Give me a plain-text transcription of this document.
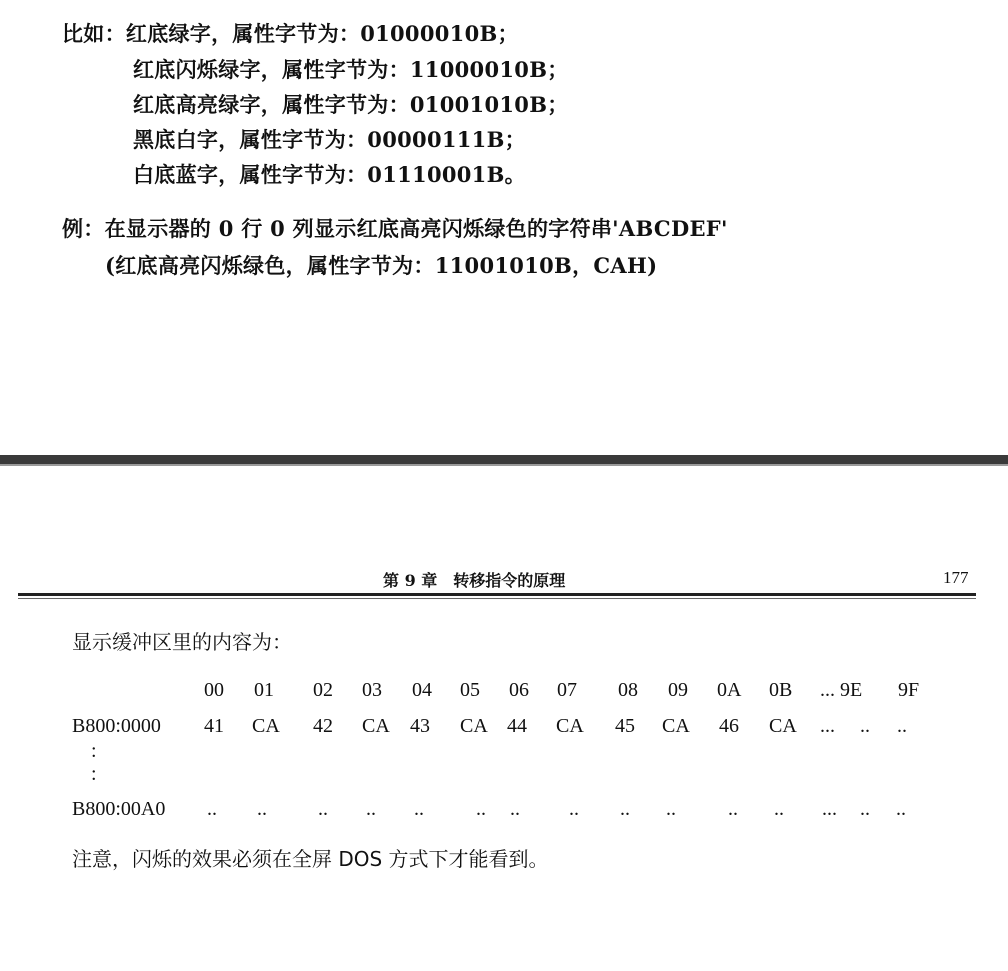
比如：红底绿字，属性字节为：01000010B；
红底闪烁绿字，属性字节为：11000010B；
红底高亮绿字，属性字节为：01001010B；
黑底白字，属性字节为：00000111B；
白底蓝字，属性字节为：01110001B。
例：在显示器的 0 行 0 列显示红底高亮闪烁绿色的字符串'ABCDEF'
(红底高亮闪烁绿色，属性字节为：11001010B，CAH)
第 9 章　转移指令的原理	177
显示缓冲区里的内容为：
00 01 02 03 04 05 06 07 08 09 0A 0B ... 9E 9F
B800:0000 41 CA 42 CA 43 CA 44 CA 45 CA 46 CA ... .. ..
:
:
B800:00A0 .. ..	.. .. ..	.. .. .. .. ..	.. .. ... .. ..
注意，闪烁的效果必须在全屏 DOS 方式下才能看到。
